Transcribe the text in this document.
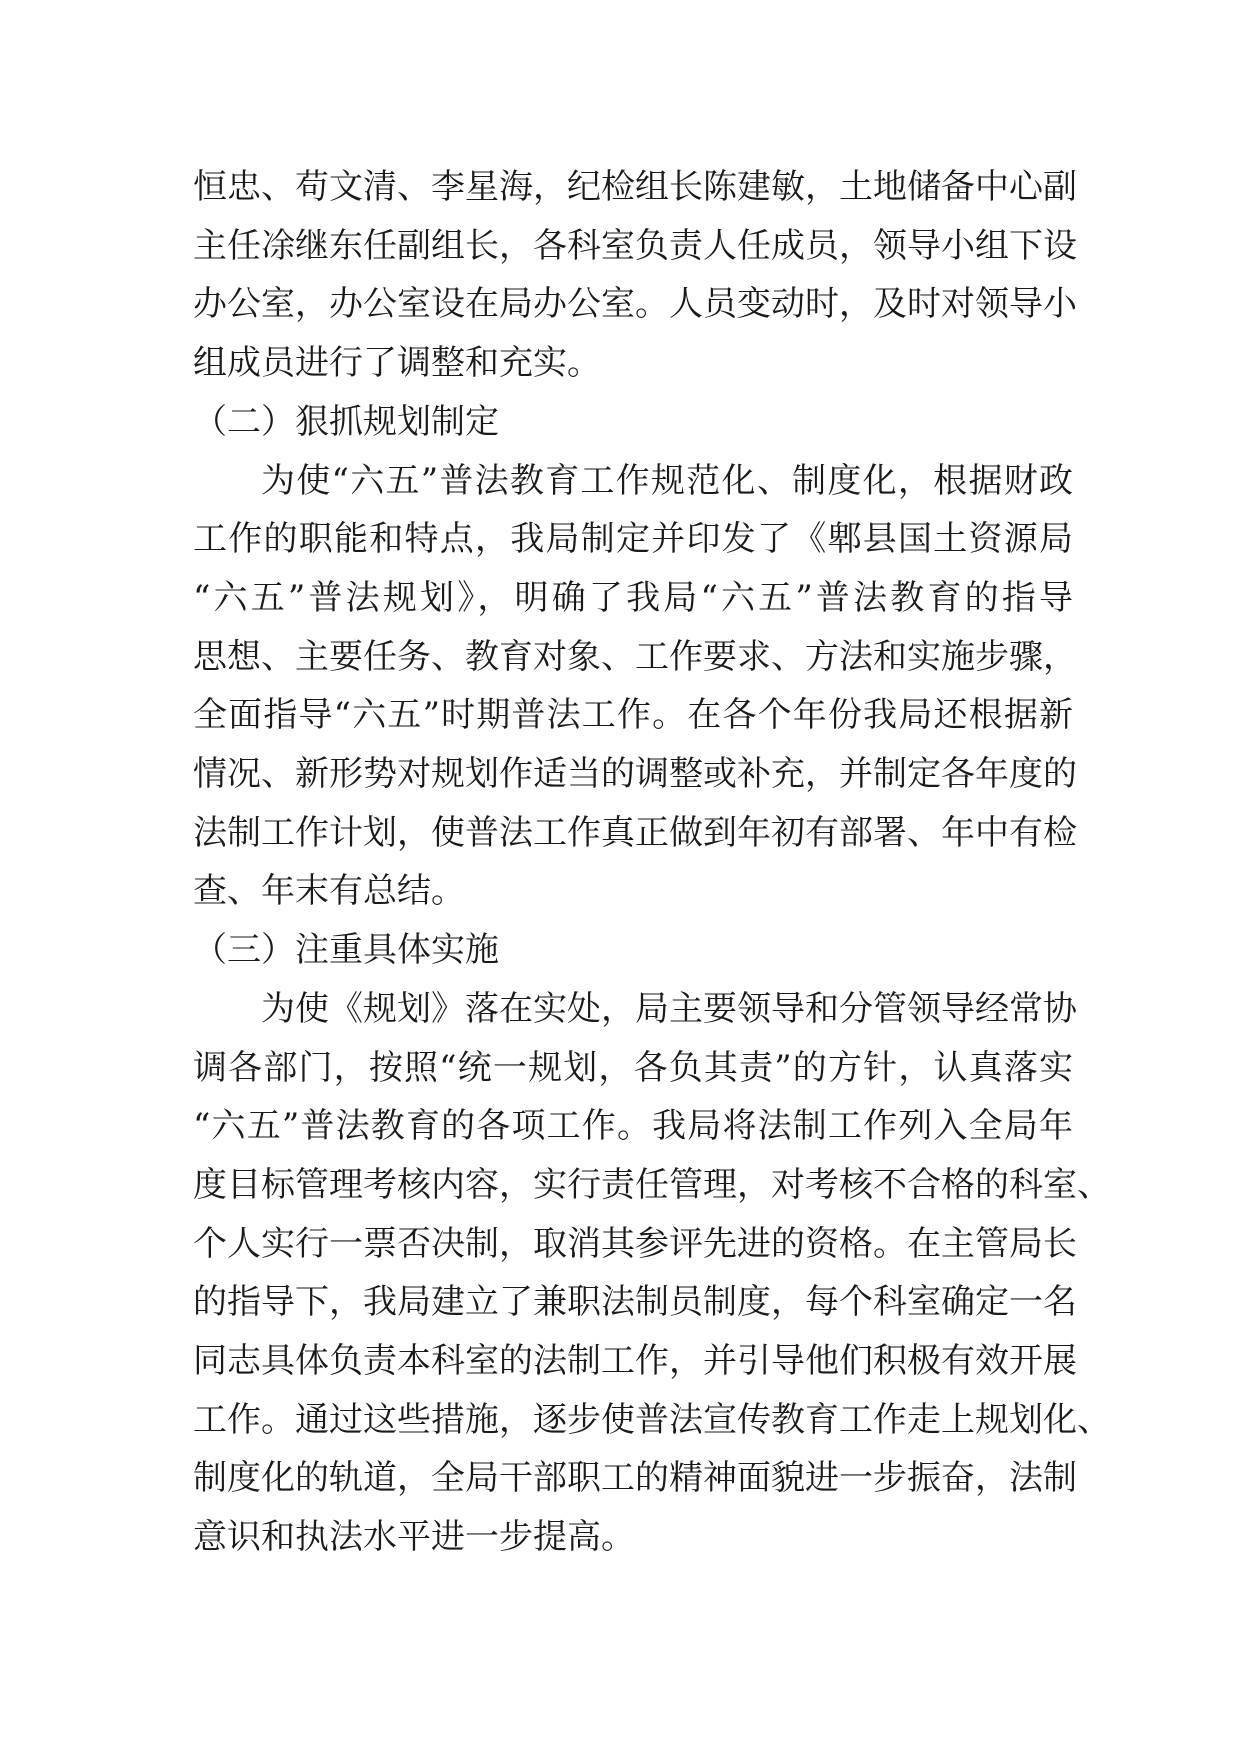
恒忠、苟文清、李星海，纪检组长陈建敏，土地储备中心副
主任凃继东任副组长，各科室负责人任成员，领导小组下设
办公室，办公室设在局办公室。人员变动时，及时对领导小
组成员进行了调整和充实。

（二）狠抓规划制定

为使“六五”普法教育工作规范化、制度化，根据财政
工作的职能和特点，我局制定并印发了《郫县国土资源局
“六五”普法规划》，明确了我局“六五”普法教育的指导
思想、主要任务、教育对象、工作要求、方法和实施步骤，
全面指导“六五”时期普法工作。在各个年份我局还根据新
情况、新形势对规划作适当的调整或补充，并制定各年度的
法制工作计划，使普法工作真正做到年初有部署、年中有检
查、年末有总结。

（三）注重具体实施

为使《规划》落在实处，局主要领导和分管领导经常协
调各部门，按照“统一规划，各负其责”的方针，认真落实
“六五”普法教育的各项工作。我局将法制工作列入全局年
度目标管理考核内容，实行责任管理，对考核不合格的科室、
个人实行一票否决制，取消其参评先进的资格。在主管局长
的指导下，我局建立了兼职法制员制度，每个科室确定一名
同志具体负责本科室的法制工作，并引导他们积极有效开展
工作。通过这些措施，逐步使普法宣传教育工作走上规划化、
制度化的轨道，全局干部职工的精神面貌进一步振奋，法制
意识和执法水平进一步提高。
